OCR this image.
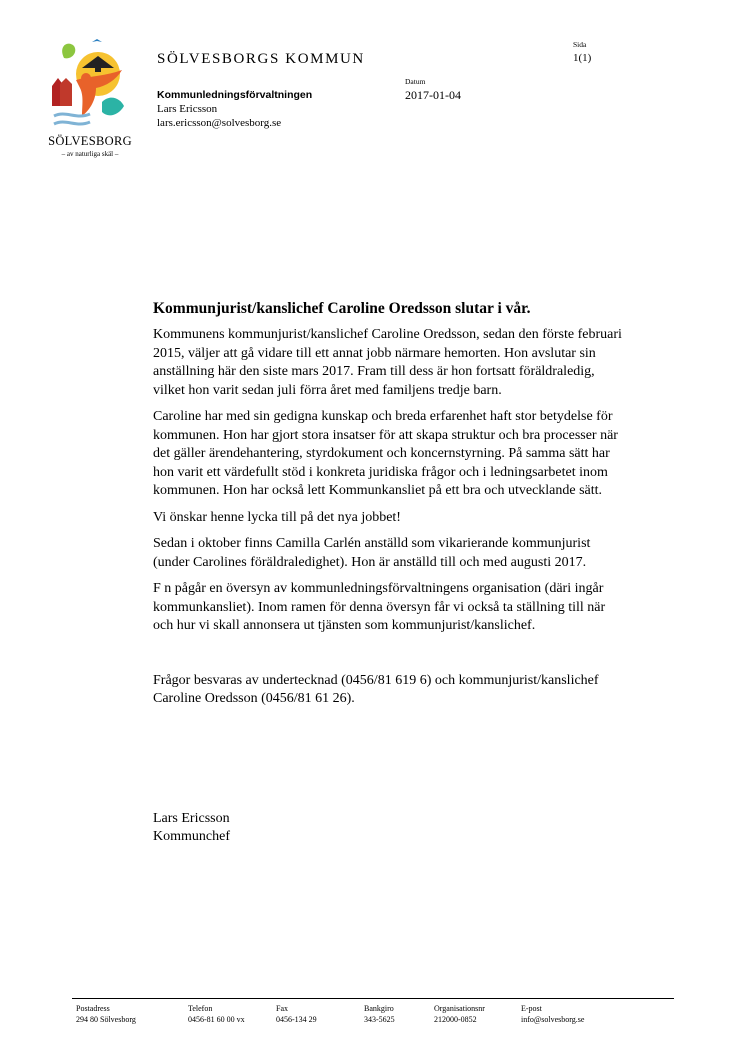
SÖLVESBORG
– av naturliga skäl –
SÖLVESBORGS KOMMUN
Kommunledningsförvaltningen
Lars Ericsson
lars.ericsson@solvesborg.se
Datum
2017-01-04
Sida
1(1)
Kommunjurist/kanslichef Caroline Oredsson slutar i vår.

Kommunens kommunjurist/kanslichef Caroline Oredsson, sedan den förste februari 2015, väljer att gå vidare till ett annat jobb närmare hemorten. Hon avslutar sin anställning här den siste mars 2017. Fram till dess är hon fortsatt föräldraledig, vilket hon varit sedan juli förra året med familjens tredje barn.

Caroline har med sin gedigna kunskap och breda erfarenhet haft stor betydelse för kommunen. Hon har gjort stora insatser för att skapa struktur och bra processer när det gäller ärendehantering, styrdokument och koncernstyrning. På samma sätt har hon varit ett värdefullt stöd i konkreta juridiska frågor och i ledningsarbetet inom kommunen. Hon har också lett Kommunkansliet på ett bra och utvecklande sätt.

Vi önskar henne lycka till på det nya jobbet!

Sedan i oktober finns Camilla Carlén anställd som vikarierande kommunjurist (under Carolines föräldraledighet). Hon är anställd till och med augusti 2017.

F n pågår en översyn av kommunledningsförvaltningens organisation (däri ingår kommunkansliet). Inom ramen för denna översyn får vi också ta ställning till när och hur vi skall annonsera ut tjänsten som kommunjurist/kanslichef.

Frågor besvaras av undertecknad (0456/81 619 6) och kommunjurist/kanslichef Caroline Oredsson (0456/81 61 26).

Lars Ericsson
Kommunchef
Postadress
294 80 Sölvesborg
Telefon
0456-81 60 00 vx
Fax
0456-134 29
Bankgiro
343-5625
Organisationsnr
212000-0852
E-post
info@solvesborg.se
